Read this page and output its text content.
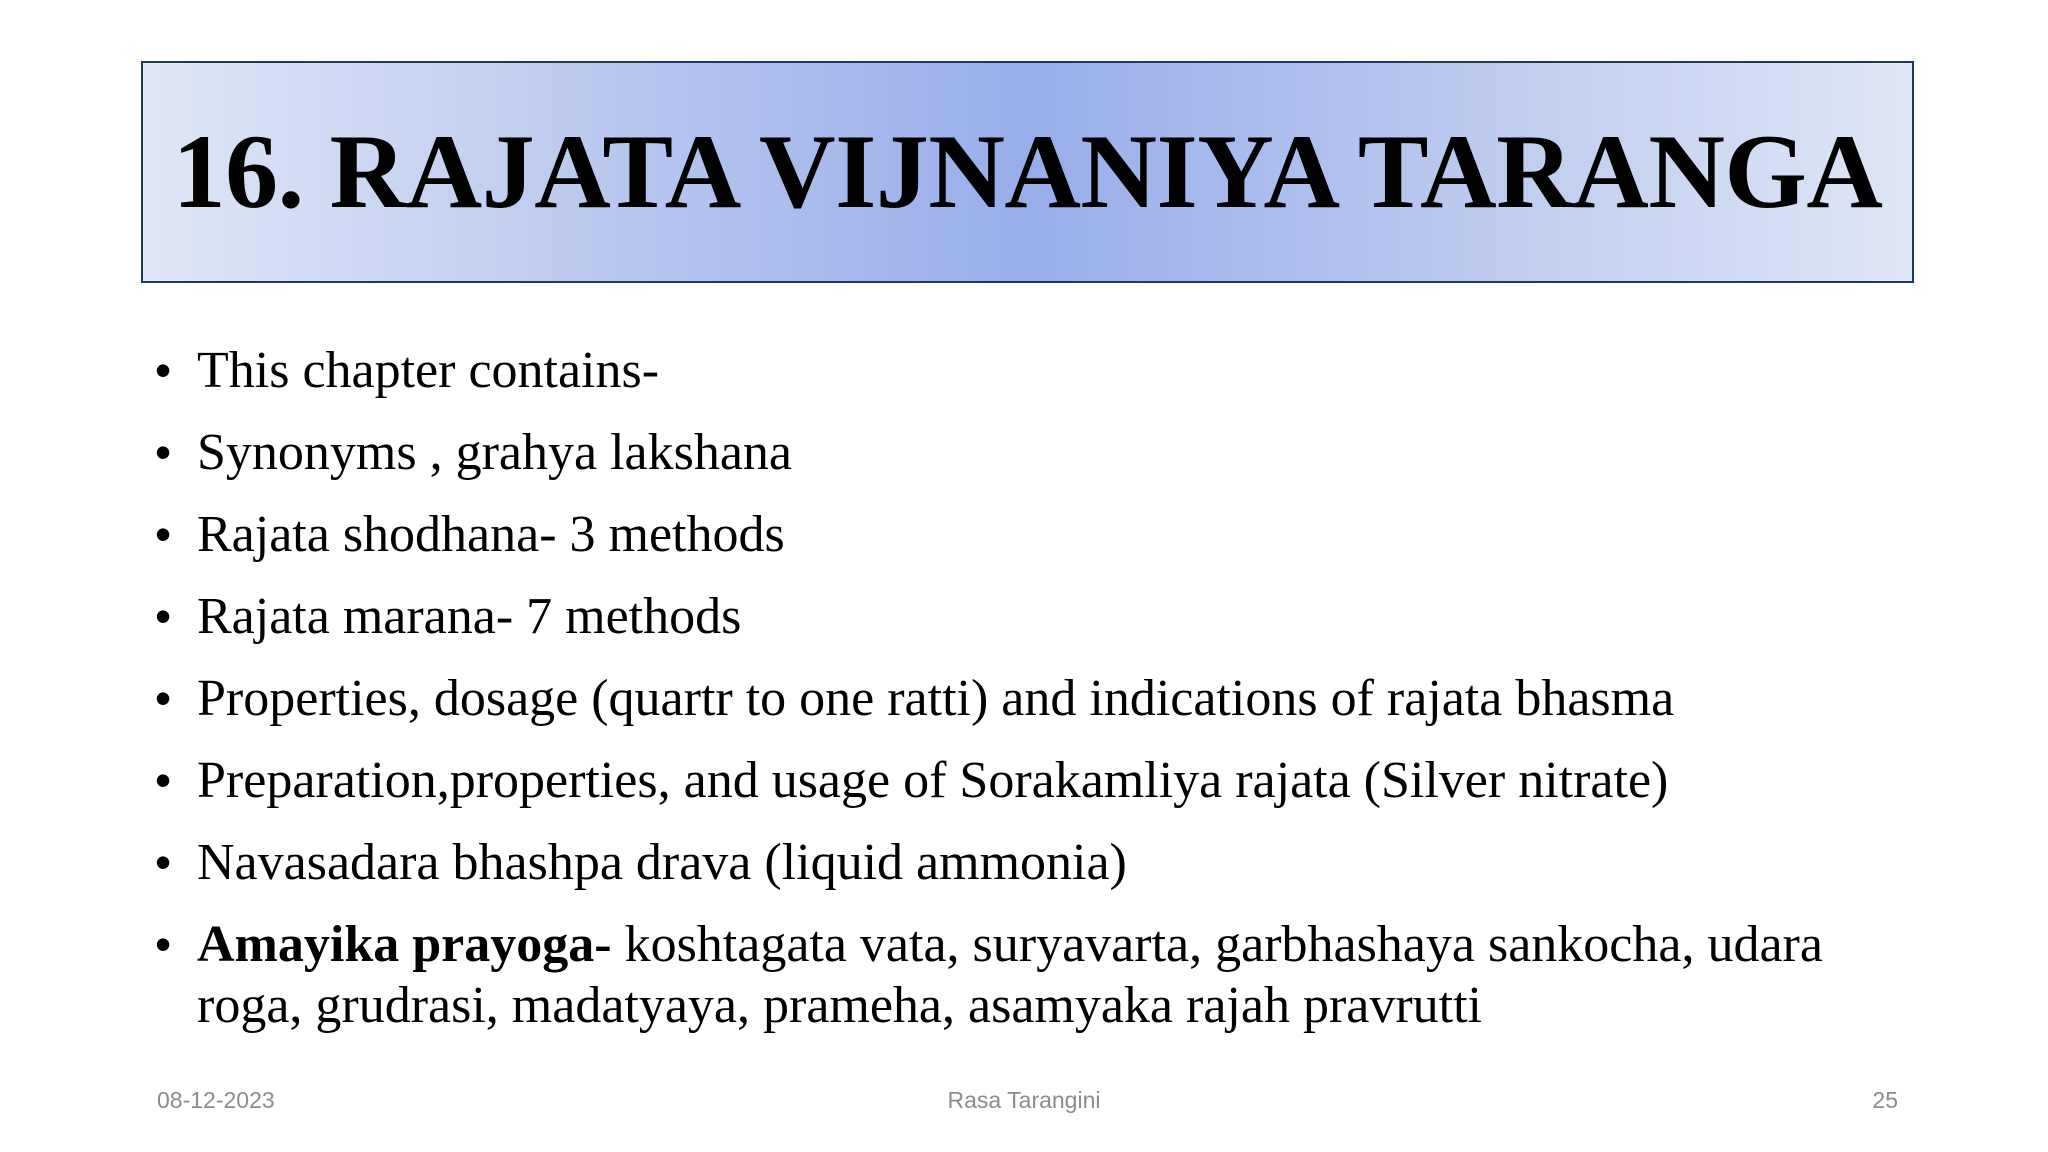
16. RAJATA VIJNANIYA TARANGA
• This chapter contains-
• Synonyms , grahya lakshana
• Rajata shodhana- 3 methods
• Rajata marana- 7 methods
• Properties, dosage (quartr to one ratti) and indications of rajata bhasma
• Preparation,properties, and usage of Sorakamliya rajata (Silver nitrate)
• Navasadara bhashpa drava (liquid ammonia)
• Amayika prayoga- koshtagata vata, suryavarta, garbhashaya sankocha, udara roga, grudrasi, madatyaya, prameha, asamyaka rajah pravrutti
08-12-2023	Rasa Tarangini	25
